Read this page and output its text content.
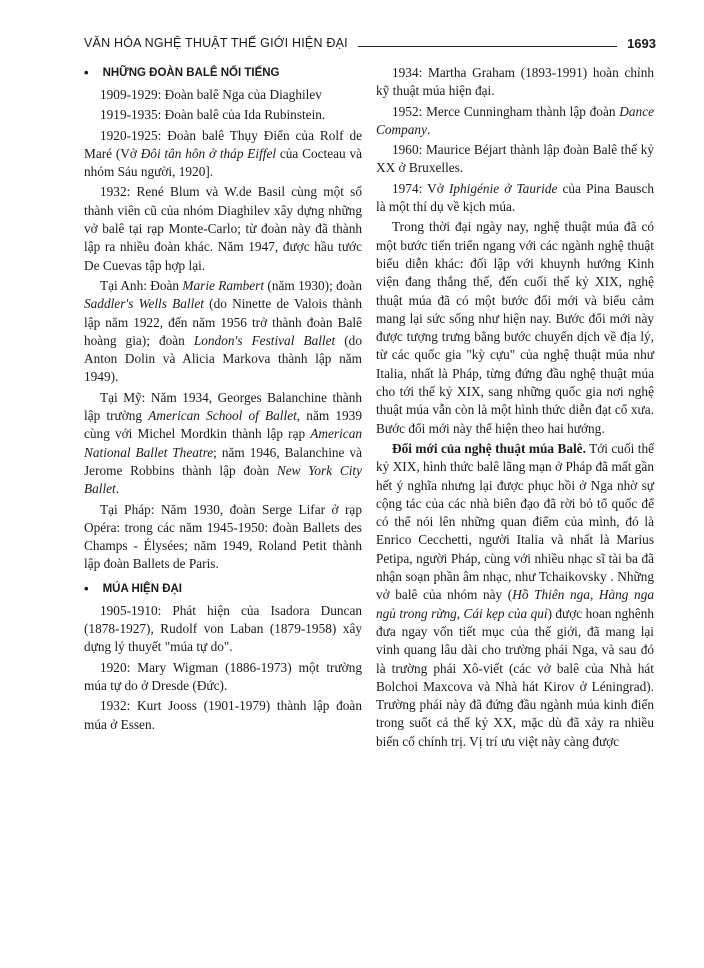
VĂN HÓA NGHỆ THUẬT THẾ GIỚI HIỆN ĐẠI	1693
• NHỮNG ĐOÀN BALÊ NỔI TIẾNG

1909-1929: Đoàn balê Nga của Diaghilev

1919-1935: Đoàn balê của Ida Rubinstein.

1920-1925: Đoàn balê Thụy Điển của Rolf de Maré (Vở Đôi tân hôn ở tháp Eiffel của Cocteau và nhóm Sáu người, 1920].

1932: René Blum và W.de Basil cùng một số thành viên cũ của nhóm Diaghilev xây dựng những vở balê tại rạp Monte-Carlo; từ đoàn này đã thành lập ra nhiều đoàn khác. Năm 1947, được hầu tước De Cuevas tập hợp lại.

Tại Anh: Đoàn Marie Rambert (năm 1930); đoàn Saddler's Wells Ballet (do Ninette de Valois thành lập năm 1922, đến năm 1956 trở thành đoàn Balê hoàng gia); đoàn London's Festival Ballet (do Anton Dolin và Alicia Markova thành lập năm 1949).

Tại Mỹ: Năm 1934, Georges Balanchine thành lập trường American School of Ballet, năm 1939 cùng với Michel Mordkin thành lập rạp American National Ballet Theatre; năm 1946, Balanchine và Jerome Robbins thành lập đoàn New York City Ballet.

Tại Pháp: Năm 1930, đoàn Serge Lifar ở rạp Opéra: trong các năm 1945-1950: đoàn Ballets des Champs - Élysées; năm 1949, Roland Petit thành lập đoàn Ballets de Paris.

• MÚA HIỆN ĐẠI

1905-1910: Phát hiện của Isadora Duncan (1878-1927), Rudolf von Laban (1879-1958) xây dựng lý thuyết "múa tự do".

1920: Mary Wigman (1886-1973) một trường múa tự do ở Dresde (Đức).

1932: Kurt Jooss (1901-1979) thành lập đoàn múa ở Essen.

1934: Martha Graham (1893-1991) hoàn chỉnh kỹ thuật múa hiện đại.

1952: Merce Cunningham thành lập đoàn Dance Company.

1960: Maurice Béjart thành lập đoàn Balê thế kỷ XX ở Bruxelles.

1974: Vở Iphigénie ở Tauride của Pina Bausch là một thí dụ về kịch múa.

Trong thời đại ngày nay, nghệ thuật múa đã có một bước tiến triển ngang với các ngành nghệ thuật biểu diễn khác: đối lập với khuynh hướng Kinh viện đang thắng thế, đến cuối thế kỷ XIX, nghệ thuật múa đã có một bước đổi mới và biểu cảm mang lại sức sống như hiện nay. Bước đổi mới này được tượng trưng bằng bước chuyển dịch về địa lý, từ các quốc gia "kỳ cựu" của nghệ thuật múa như Italia, nhất là Pháp, từng đứng đầu nghệ thuật múa cho tới thế kỷ XIX, sang những quốc gia nơi nghệ thuật múa vẫn còn là một hình thức diễn đạt cổ xưa. Bước đổi mới này thể hiện theo hai hướng.

Đổi mới của nghệ thuật múa Balê. Tới cuối thế kỷ XIX, hình thức balê lãng mạn ở Pháp đã mất gần hết ý nghĩa nhưng lại được phục hồi ở Nga nhờ sự cộng tác của các nhà biên đạo đã rời bỏ tổ quốc để có thể nói lên những quan điểm của mình, đó là Enrico Cecchetti, người Italia và nhất là Marius Petipa, người Pháp, cùng với nhiều nhạc sĩ tài ba đã nhận soạn phần âm nhạc, như Tchaikovsky . Những vở balê của nhóm này (Hồ Thiên nga, Hàng nga ngủ trong rừng, Cái kẹp của quỉ) được hoan nghênh đưa ngay vốn tiết mục của thế giới, đã mang lại vinh quang lâu dài cho trường phái Nga, và sau đó là trường phái Xô-viết (các vở balê của Nhà hát Bolchoi Maxcova và Nhà hát Kirov ở Léningrad). Trường phái này đã đứng đầu ngành múa kinh điển trong suốt cả thế kỷ XX, mặc dù đã xảy ra nhiều biến cố chính trị. Vị trí ưu việt này càng được
